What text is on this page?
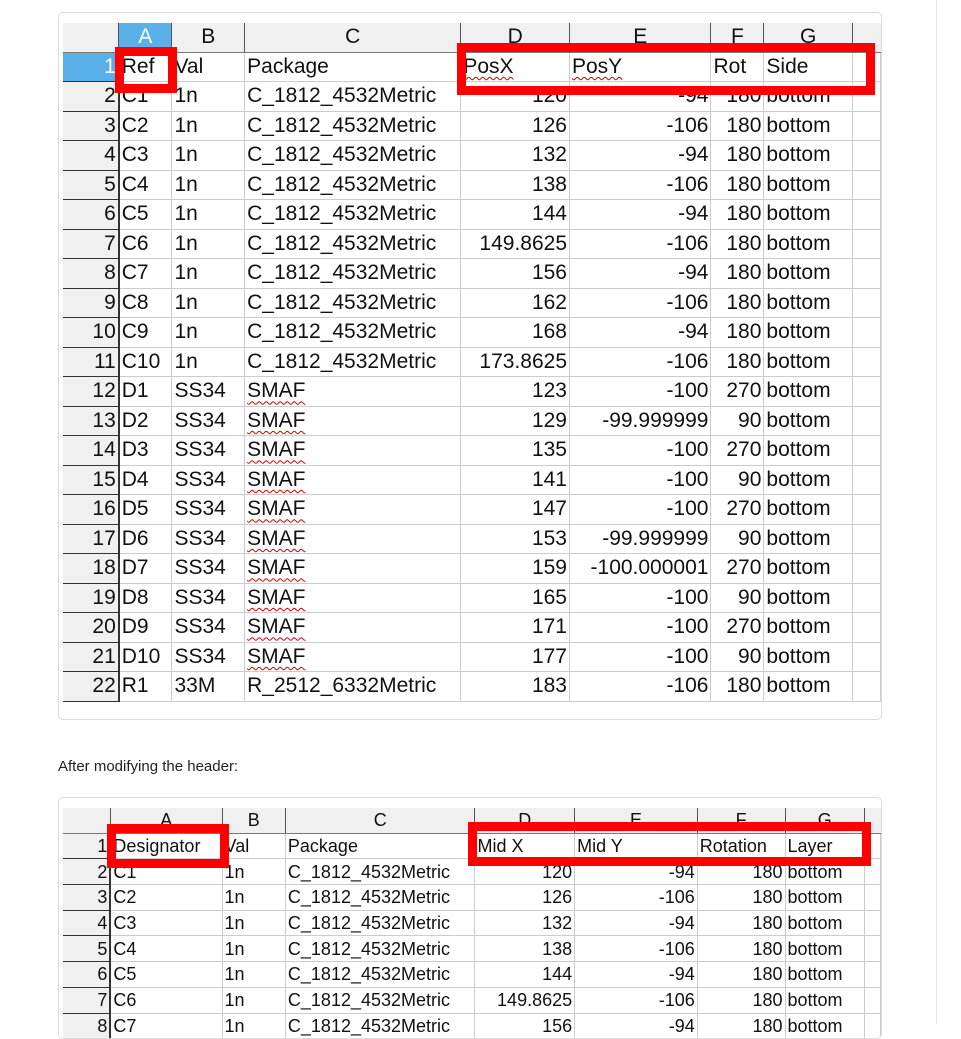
	A	B	C	D	E	F	G	
1	Ref	Val	Package	PosX	PosY	Rot	Side	
2	C1	1n	C_1812_4532Metric	120	-94	180	bottom	
3	C2	1n	C_1812_4532Metric	126	-106	180	bottom	
4	C3	1n	C_1812_4532Metric	132	-94	180	bottom	
5	C4	1n	C_1812_4532Metric	138	-106	180	bottom	
6	C5	1n	C_1812_4532Metric	144	-94	180	bottom	
7	C6	1n	C_1812_4532Metric	149.8625	-106	180	bottom	
8	C7	1n	C_1812_4532Metric	156	-94	180	bottom	
9	C8	1n	C_1812_4532Metric	162	-106	180	bottom	
10	C9	1n	C_1812_4532Metric	168	-94	180	bottom	
11	C10	1n	C_1812_4532Metric	173.8625	-106	180	bottom	
12	D1	SS34	SMAF	123	-100	270	bottom	
13	D2	SS34	SMAF	129	-99.999999	90	bottom	
14	D3	SS34	SMAF	135	-100	270	bottom	
15	D4	SS34	SMAF	141	-100	90	bottom	
16	D5	SS34	SMAF	147	-100	270	bottom	
17	D6	SS34	SMAF	153	-99.999999	90	bottom	
18	D7	SS34	SMAF	159	-100.000001	270	bottom	
19	D8	SS34	SMAF	165	-100	90	bottom	
20	D9	SS34	SMAF	171	-100	270	bottom	
21	D10	SS34	SMAF	177	-100	90	bottom	
22	R1	33M	R_2512_6332Metric	183	-106	180	bottom	
After modifying the header:
	A	B	C	D	E	F	G	
1	Designator	Val	Package	Mid X	Mid Y	Rotation	Layer	
2	C1	1n	C_1812_4532Metric	120	-94	180	bottom	
3	C2	1n	C_1812_4532Metric	126	-106	180	bottom	
4	C3	1n	C_1812_4532Metric	132	-94	180	bottom	
5	C4	1n	C_1812_4532Metric	138	-106	180	bottom	
6	C5	1n	C_1812_4532Metric	144	-94	180	bottom	
7	C6	1n	C_1812_4532Metric	149.8625	-106	180	bottom	
8	C7	1n	C_1812_4532Metric	156	-94	180	bottom	
